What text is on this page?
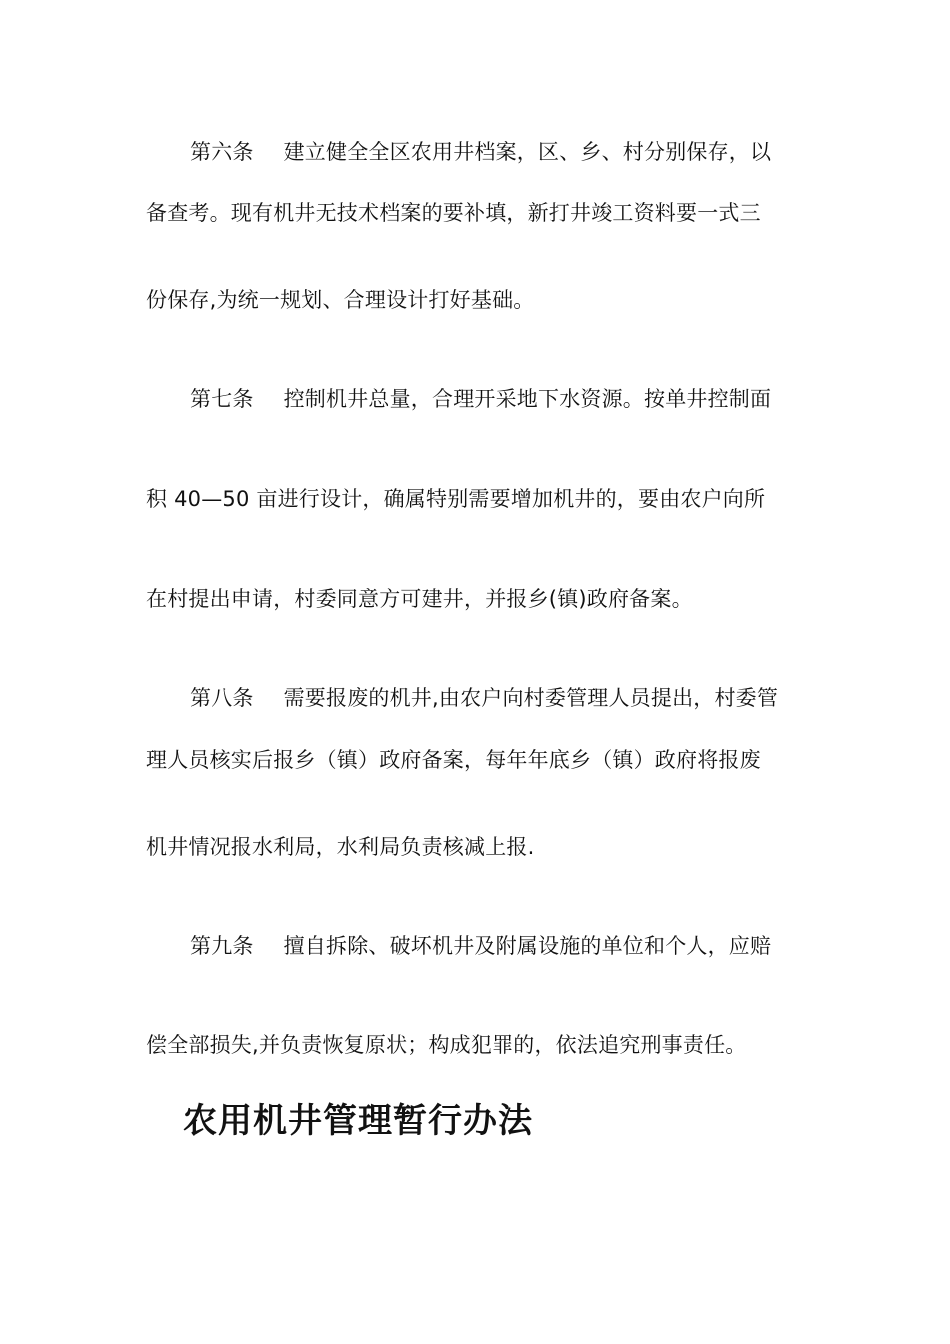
第六条 建立健全全区农用井档案，区、乡、村分别保存，以
备查考。现有机井无技术档案的要补填，新打井竣工资料要一式三
份保存,为统一规划、合理设计打好基础。
第七条 控制机井总量，合理开采地下水资源。按单井控制面
积 40—50 亩进行设计，确属特别需要增加机井的，要由农户向所
在村提出申请，村委同意方可建井，并报乡(镇)政府备案。
第八条 需要报废的机井,由农户向村委管理人员提出，村委管
理人员核实后报乡（镇）政府备案，每年年底乡（镇）政府将报废
机井情况报水利局，水利局负责核减上报.
第九条 擅自拆除、破坏机井及附属设施的单位和个人，应赔
偿全部损失,并负责恢复原状；构成犯罪的，依法追究刑事责任。
农用机井管理暂行办法
